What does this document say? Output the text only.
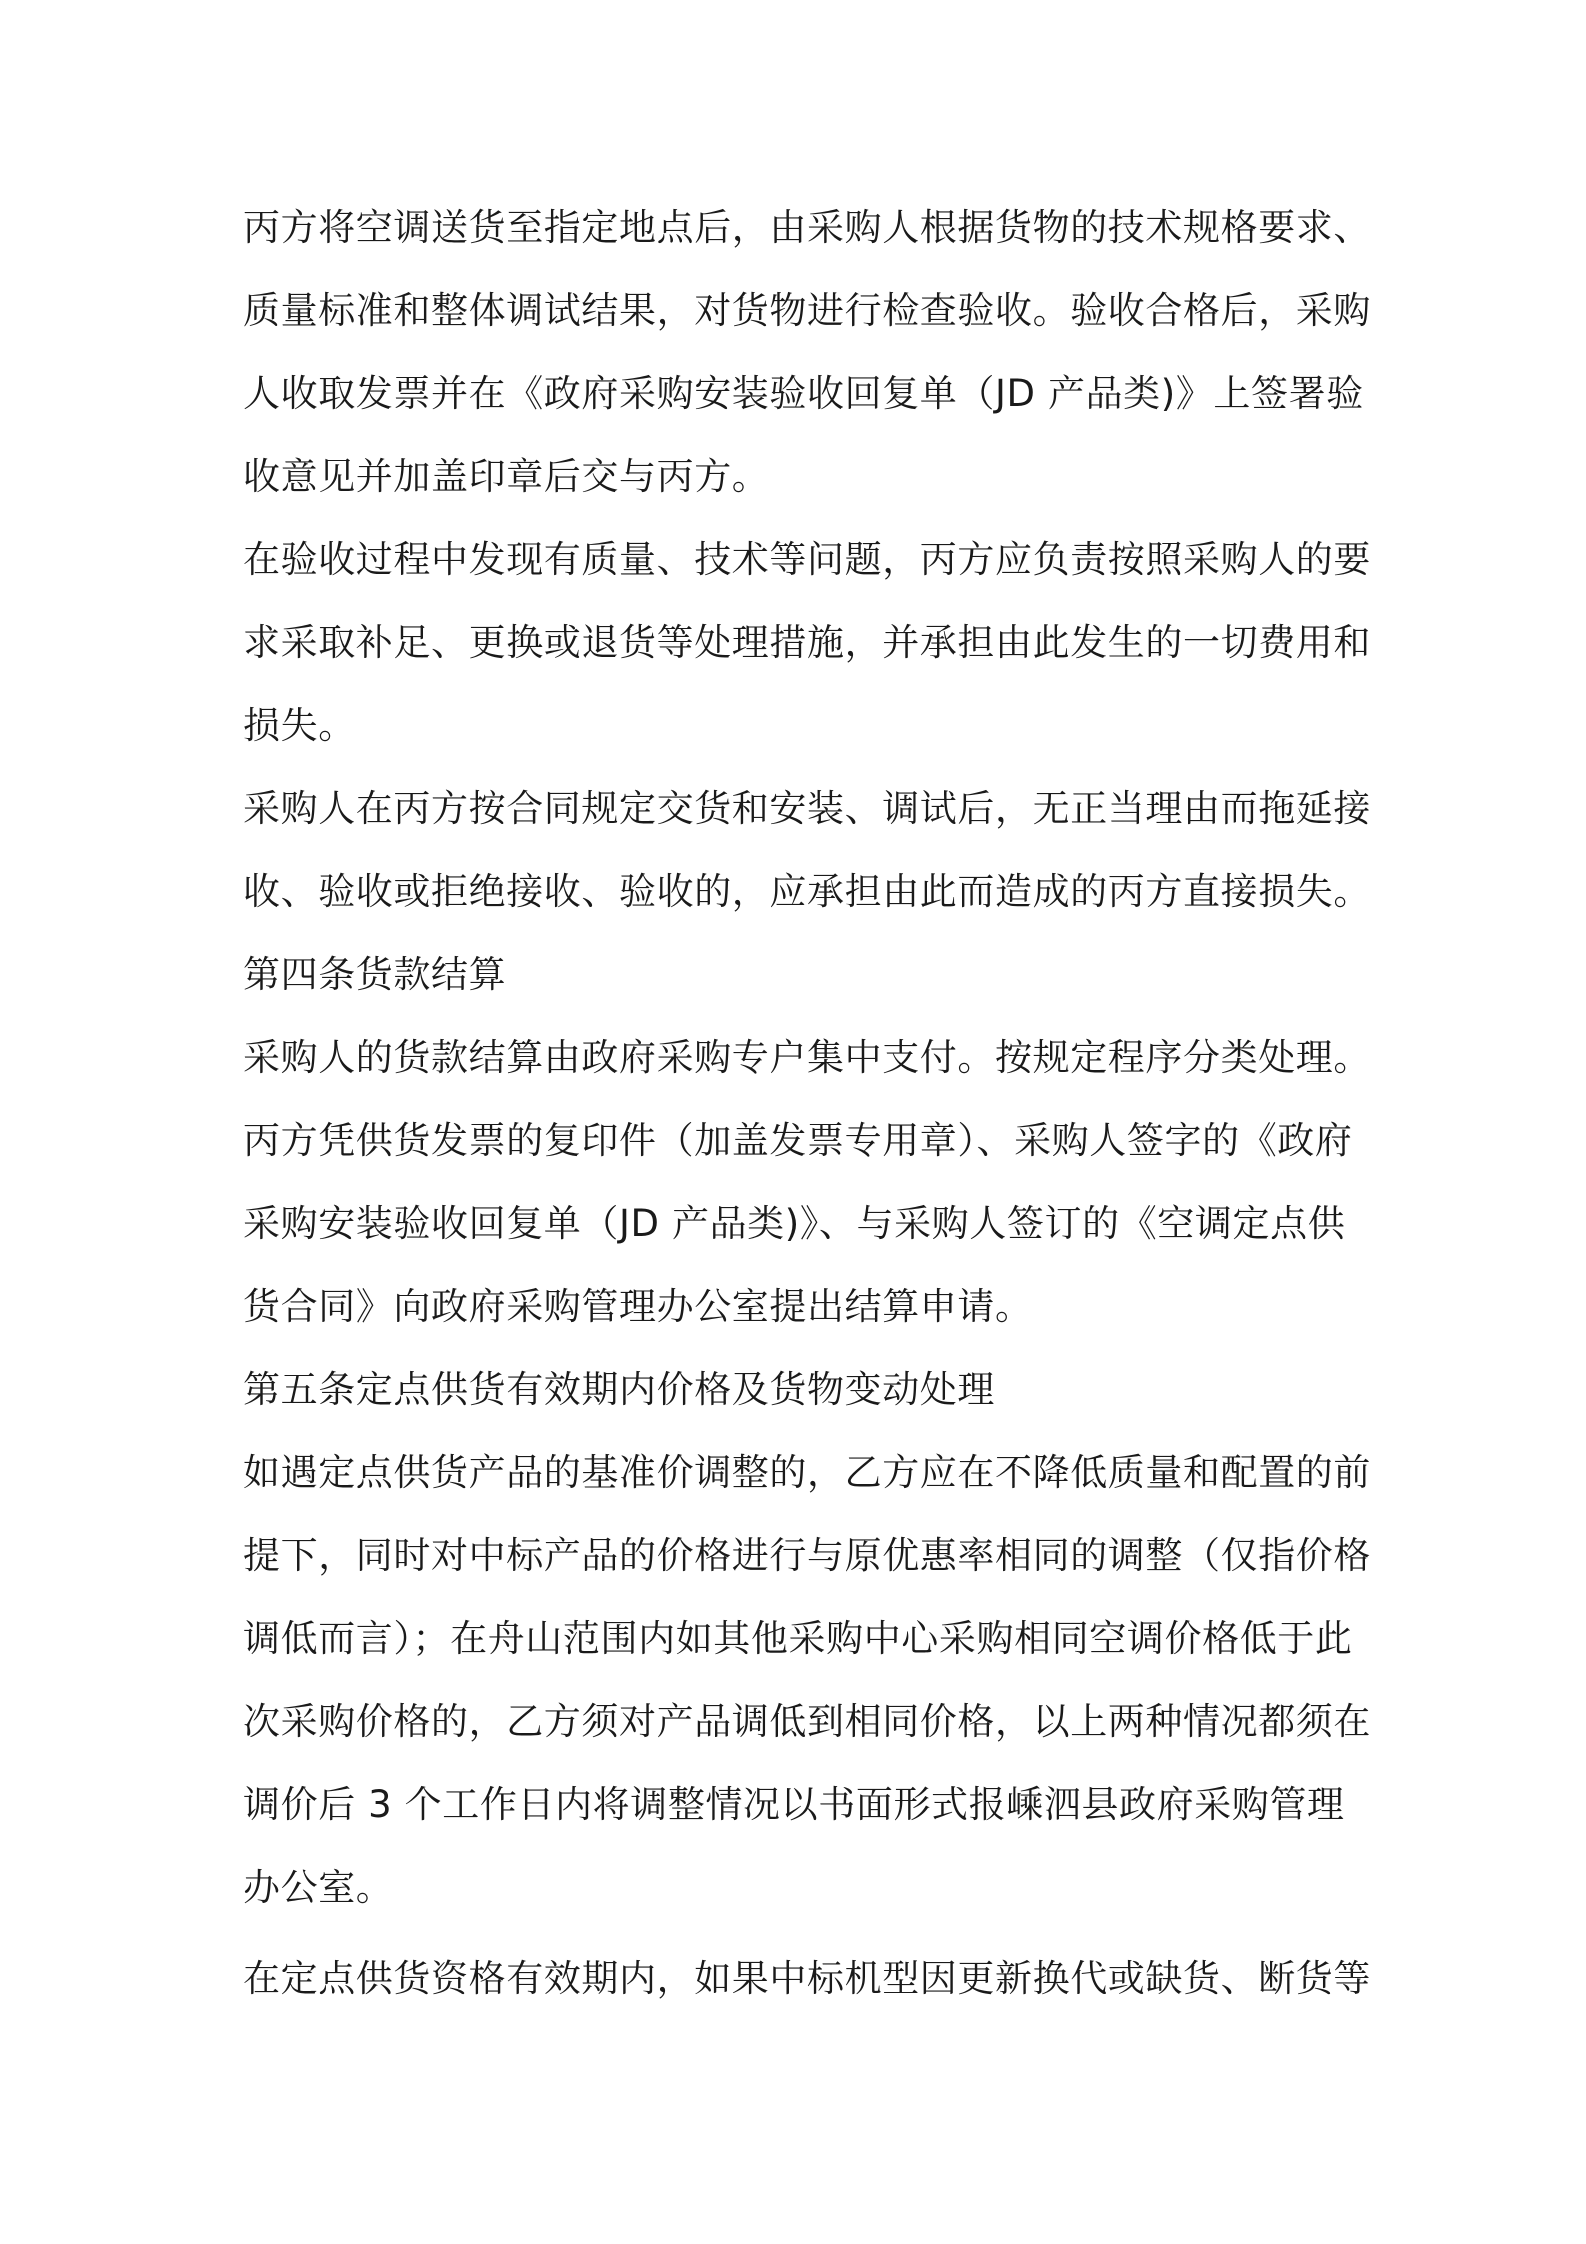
丙方将空调送货至指定地点后，由采购人根据货物的技术规格要求、
质量标准和整体调试结果，对货物进行检查验收。验收合格后，采购
人收取发票并在《政府采购安装验收回复单（JD 产品类)》上签署验
收意见并加盖印章后交与丙方。
在验收过程中发现有质量、技术等问题，丙方应负责按照采购人的要
求采取补足、更换或退货等处理措施，并承担由此发生的一切费用和
损失。
采购人在丙方按合同规定交货和安装、调试后，无正当理由而拖延接
收、验收或拒绝接收、验收的，应承担由此而造成的丙方直接损失。
第四条货款结算
采购人的货款结算由政府采购专户集中支付。按规定程序分类处理。
丙方凭供货发票的复印件（加盖发票专用章）、采购人签字的《政府
采购安装验收回复单（JD 产品类)》、与采购人签订的《空调定点供
货合同》向政府采购管理办公室提出结算申请。
第五条定点供货有效期内价格及货物变动处理
如遇定点供货产品的基准价调整的，乙方应在不降低质量和配置的前
提下，同时对中标产品的价格进行与原优惠率相同的调整（仅指价格
调低而言）；在舟山范围内如其他采购中心采购相同空调价格低于此
次采购价格的，乙方须对产品调低到相同价格，以上两种情况都须在
调价后 3 个工作日内将调整情况以书面形式报嵊泗县政府采购管理
办公室。
在定点供货资格有效期内，如果中标机型因更新换代或缺货、断货等
